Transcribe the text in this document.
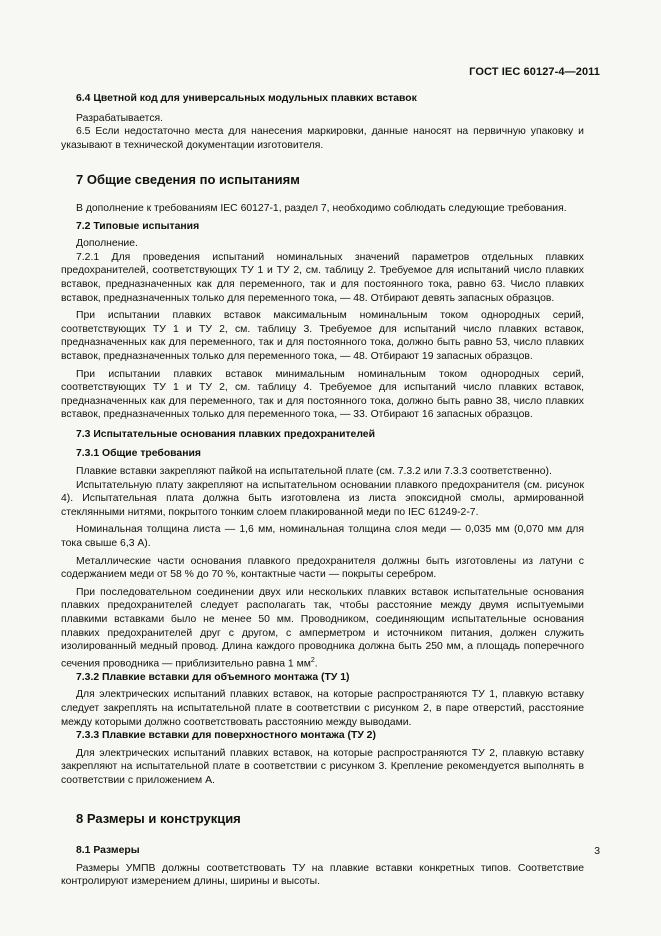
ГОСТ IEC 60127-4—2011

6.4 Цветной код для универсальных модульных плавких вставок

Разрабатывается.

6.5 Если недостаточно места для нанесения маркировки, данные наносят на первичную упаковку и указывают в технической документации изготовителя.

7 Общие сведения по испытаниям

В дополнение к требованиям IEC 60127-1, раздел 7, необходимо соблюдать следующие требования.

7.2 Типовые испытания

Дополнение.

7.2.1 Для проведения испытаний номинальных значений параметров отдельных плавких предохранителей, соответствующих ТУ 1 и ТУ 2, см. таблицу 2. Требуемое для испытаний число плавких вставок, предназначенных как для переменного, так и для постоянного тока, равно 63. Число плавких вставок, предназначенных только для переменного тока, — 48. Отбирают девять запасных образцов.

При испытании плавких вставок максимальным номинальным током однородных серий, соответствующих ТУ 1 и ТУ 2, см. таблицу 3. Требуемое для испытаний число плавких вставок, предназначенных как для переменного, так и для постоянного тока, должно быть равно 53, число плавких вставок, предназначенных только для переменного тока, — 48. Отбирают 19 запасных образцов.

При испытании плавких вставок минимальным номинальным током однородных серий, соответствующих ТУ 1 и ТУ 2, см. таблицу 4. Требуемое для испытаний число плавких вставок, предназначенных как для переменного, так и для постоянного тока, должно быть равно 38, число плавких вставок, предназначенных только для переменного тока, — 33. Отбирают 16 запасных образцов.

7.3 Испытательные основания плавких предохранителей

7.3.1 Общие требования

Плавкие вставки закрепляют пайкой на испытательной плате (см. 7.3.2 или 7.3.3 соответственно).

Испытательную плату закрепляют на испытательном основании плавкого предохранителя (см. рисунок 4). Испытательная плата должна быть изготовлена из листа эпоксидной смолы, армированной стеклянными нитями, покрытого тонким слоем плакированной меди по IEC 61249-2-7.

Номинальная толщина листа — 1,6 мм, номинальная толщина слоя меди — 0,035 мм (0,070 мм для тока свыше 6,3 А).

Металлические части основания плавкого предохранителя должны быть изготовлены из латуни с содержанием меди от 58 % до 70 %, контактные части — покрыты серебром.

При последовательном соединении двух или нескольких плавких вставок испытательные основания плавких предохранителей следует располагать так, чтобы расстояние между двумя испытуемыми плавкими вставками было не менее 50 мм. Проводником, соединяющим испытательные основания плавких предохранителей друг с другом, с амперметром и источником питания, должен служить изолированный медный провод. Длина каждого проводника должна быть 250 мм, а площадь поперечного сечения проводника — приблизительно равна 1 $мм^2$.

7.3.2 Плавкие вставки для объемного монтажа (ТУ 1)

Для электрических испытаний плавких вставок, на которые распространяются ТУ 1, плавкую вставку следует закреплять на испытательной плате в соответствии с рисунком 2, в паре отверстий, расстояние между которыми должно соответствовать расстоянию между выводами.

7.3.3 Плавкие вставки для поверхностного монтажа (ТУ 2)

Для электрических испытаний плавких вставок, на которые распространяются ТУ 2, плавкую вставку закрепляют на испытательной плате в соответствии с рисунком 3. Крепление рекомендуется выполнять в соответствии с приложением А.

8 Размеры и конструкция

8.1 Размеры

Размеры УМПВ должны соответствовать ТУ на плавкие вставки конкретных типов. Соответствие контролируют измерением длины, ширины и высоты.

3
